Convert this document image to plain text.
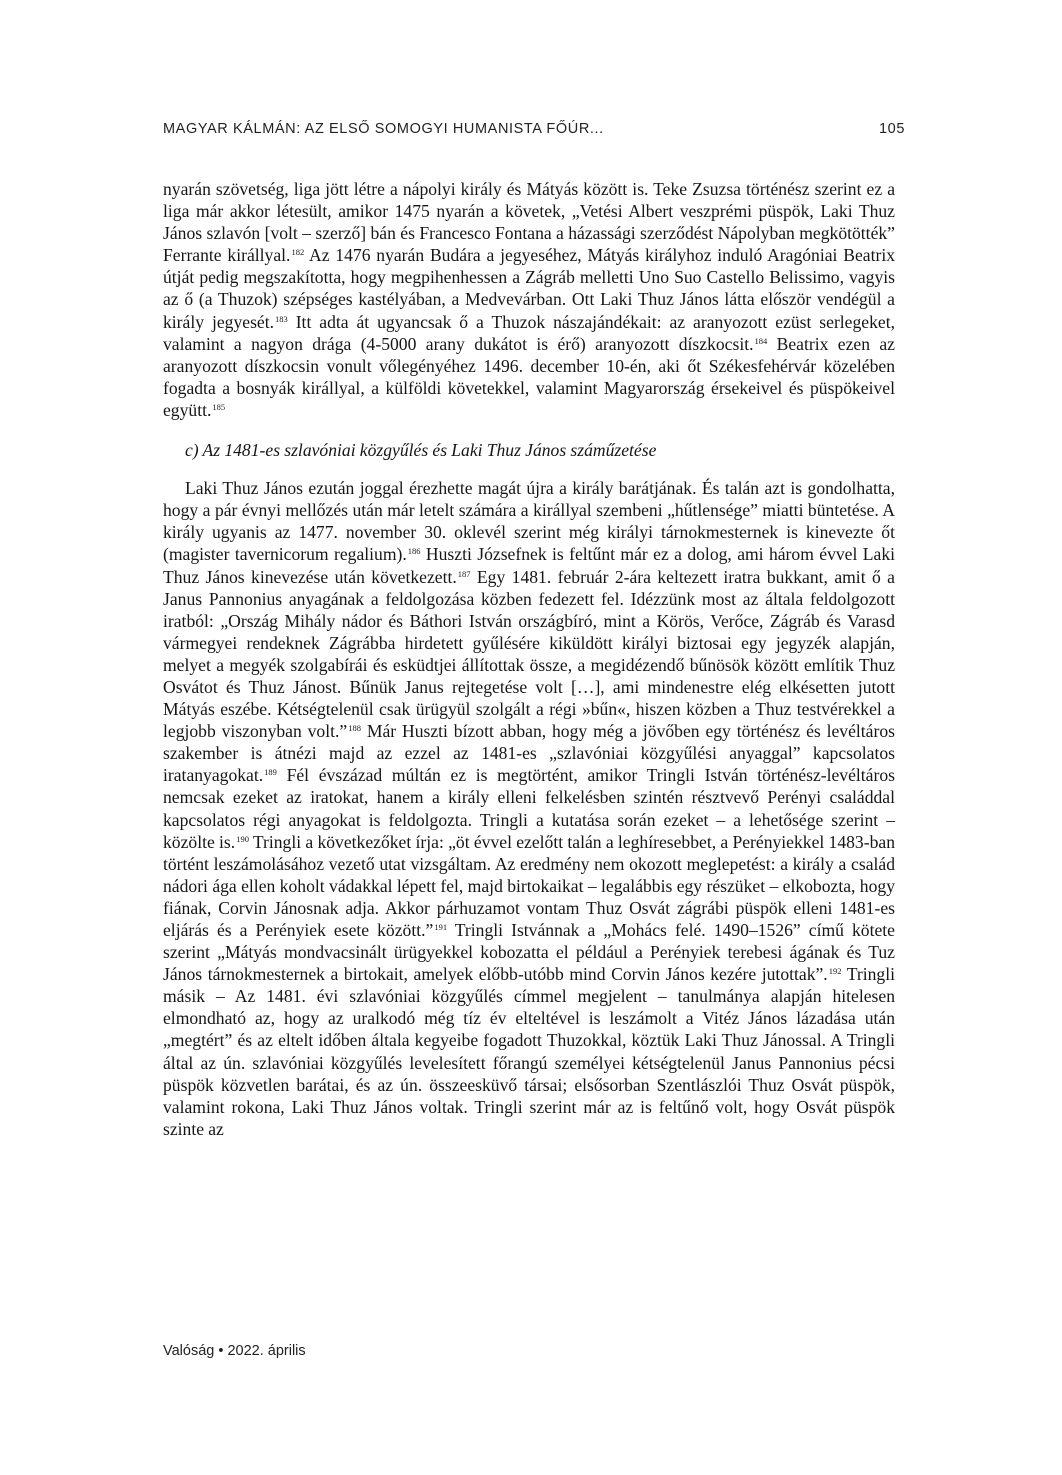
MAGYAR KÁLMÁN: AZ ELSŐ SOMOGYI HUMANISTA FŐÚR...	105

nyarán szövetség, liga jött létre a nápolyi király és Mátyás között is. Teke Zsuzsa történész szerint ez a liga már akkor létesült, amikor 1475 nyarán a követek, „Vetési Albert veszprémi püspök, Laki Thuz János szlavón [volt – szerző] bán és Francesco Fontana a házassági szerződést Nápolyban megkötötték” Ferrante királlyal.$^{182}$ Az 1476 nyarán Budára a jegyeséhez, Mátyás királyhoz induló Aragóniai Beatrix útját pedig megszakította, hogy megpihenhessen a Zágráb melletti Uno Suo Castello Belissimo, vagyis az ő (a Thuzok) szépséges kastélyában, a Medvevárban. Ott Laki Thuz János látta először vendégül a király jegyesét.$^{183}$ Itt adta át ugyancsak ő a Thuzok nászajándékait: az aranyozott ezüst serlegeket, valamint a nagyon drága (4-5000 arany dukátot is érő) aranyozott díszkocsit.$^{184}$ Beatrix ezen az aranyozott díszkocsin vonult vőlegényéhez 1496. december 10-én, aki őt Székesfehérvár közelében fogadta a bosnyák királlyal, a külföldi követekkel, valamint Magyarország érsekeivel és püspökeivel együtt.$^{185}$

c) Az 1481-es szlavóniai közgyűlés és Laki Thuz János száműzetése

Laki Thuz János ezután joggal érezhette magát újra a király barátjának. És talán azt is gondolhatta, hogy a pár évnyi mellőzés után már letelt számára a királlyal szembeni „hűtlensége” miatti büntetése. A király ugyanis az 1477. november 30. oklevél szerint még királyi tárnokmesternek is kinevezte őt (magister tavernicorum regalium).$^{186}$ Huszti Józsefnek is feltűnt már ez a dolog, ami három évvel Laki Thuz János kinevezése után következett.$^{187}$ Egy 1481. február 2-ára keltezett iratra bukkant, amit ő a Janus Pannonius anyagának a feldolgozása közben fedezett fel. Idézzünk most az általa feldolgozott iratból: „Ország Mihály nádor és Báthori István országbíró, mint a Körös, Verőce, Zágráb és Varasd vármegyei rendeknek Zágrábba hirdetett gyűlésére kiküldött királyi biztosai egy jegyzék alapján, melyet a megyék szolgabírái és esküdtjei állítottak össze, a megidézendő bűnösök között említik Thuz Osvátot és Thuz Jánost. Bűnük Janus rejtegetése volt […], ami mindenestre elég elkésetten jutott Mátyás eszébe. Kétségtelenül csak ürügyül szolgált a régi »bűn«, hiszen közben a Thuz testvérekkel a legjobb viszonyban volt.”$^{188}$ Már Huszti bízott abban, hogy még a jövőben egy történész és levéltáros szakember is átnézi majd az ezzel az 1481-es „szlavóniai közgyűlési anyaggal” kapcsolatos iratanyagokat.$^{189}$ Fél évszázad múltán ez is megtörtént, amikor Tringli István történész-levéltáros nemcsak ezeket az iratokat, hanem a király elleni felkelésben szintén résztvevő Perényi családdal kapcsolatos régi anyagokat is feldolgozta. Tringli a kutatása során ezeket – a lehetősége szerint – közölte is.$^{190}$ Tringli a következőket írja: „öt évvel ezelőtt talán a leghíresebbet, a Perényiekkel 1483-ban történt leszámolásához vezető utat vizsgáltam. Az eredmény nem okozott meglepetést: a király a család nádori ága ellen koholt vádakkal lépett fel, majd birtokaikat – legalábbis egy részüket – elkobozta, hogy fiának, Corvin Jánosnak adja. Akkor párhuzamot vontam Thuz Osvát zágrábi püspök elleni 1481-es eljárás és a Perényiek esete között.”$^{191}$ Tringli Istvánnak a „Mohács felé. 1490–1526” című kötete szerint „Mátyás mondvacsinált ürügyekkel kobozatta el például a Perényiek terebesi ágának és Tuz János tárnokmesternek a birtokait, amelyek előbb-utóbb mind Corvin János kezére jutottak”.$^{192}$ Tringli másik – Az 1481. évi szlavóniai közgyűlés címmel megjelent – tanulmánya alapján hitelesen elmondható az, hogy az uralkodó még tíz év elteltével is leszámolt a Vitéz János lázadása után „megtért” és az eltelt időben általa kegyeibe fogadott Thuzokkal, köztük Laki Thuz Jánossal. A Tringli által az ún. szlavóniai közgyűlés levelesített főrangú személyei kétségtelenül Janus Pannonius pécsi püspök közvetlen barátai, és az ún. összeesküvő társai; elsősorban Szentlászlói Thuz Osvát püspök, valamint rokona, Laki Thuz János voltak. Tringli szerint már az is feltűnő volt, hogy Osvát püspök szinte az

Valóság • 2022. április
